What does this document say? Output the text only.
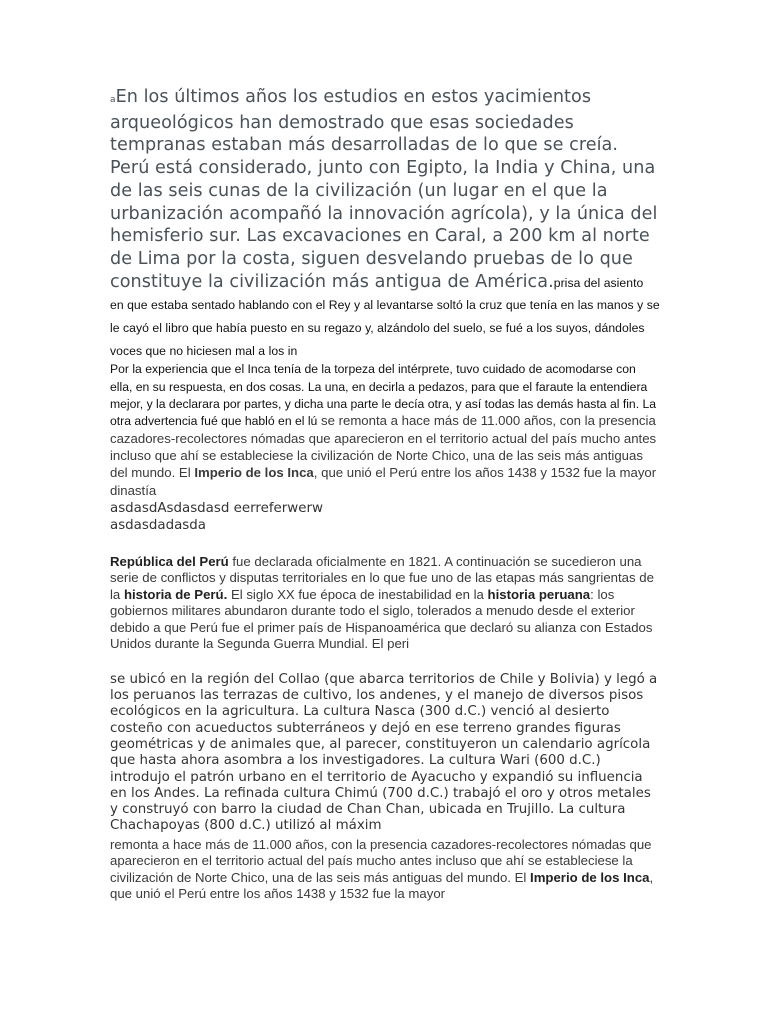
aEn los últimos años los estudios en estos yacimientos arqueológicos han demostrado que esas sociedades tempranas estaban más desarrolladas de lo que se creía. Perú está considerado, junto con Egipto, la India y China, una de las seis cunas de la civilización (un lugar en el que la urbanización acompañó la innovación agrícola), y la única del hemisferio sur. Las excavaciones en Caral, a 200 km al norte de Lima por la costa, siguen desvelando pruebas de lo que constituye la civilización más antigua de América.prisa del asiento en que estaba sentado hablando con el Rey y al levantarse soltó la cruz que tenía en las manos y se le cayó el libro que había puesto en su regazo y, alzándolo del suelo, se fué a los suyos, dándoles voces que no hiciesen mal a los in

Por la experiencia que el Inca tenía de la torpeza del intérprete, tuvo cuidado de acomodarse con ella, en su respuesta, en dos cosas. La una, en decirla a pedazos, para que el faraute la entendiera mejor, y la declarara por partes, y dicha una parte le decía otra, y así todas las demás hasta al fin. La otra advertencia fué que habló en el lú se remonta a hace más de 11.000 años, con la presencia cazadores-recolectores nómadas que aparecieron en el territorio actual del país mucho antes incluso que ahí se estableciese la civilización de Norte Chico, una de las seis más antiguas del mundo. El Imperio de los Inca, que unió el Perú entre los años 1438 y 1532 fue la mayor dinastía

asdasdAsdasdasd eerreferwerw

asdasdadasda

República del Perú fue declarada oficialmente en 1821. A continuación se sucedieron una serie de conflictos y disputas territoriales en lo que fue uno de las etapas más sangrientas de la historia de Perú. El siglo XX fue época de inestabilidad en la historia peruana: los gobiernos militares abundaron durante todo el siglo, tolerados a menudo desde el exterior debido a que Perú fue el primer país de Hispanoamérica que declaró su alianza con Estados Unidos durante la Segunda Guerra Mundial. El peri

se ubicó en la región del Collao (que abarca territorios de Chile y Bolivia) y legó a los peruanos las terrazas de cultivo, los andenes, y el manejo de diversos pisos ecológicos en la agricultura. La cultura Nasca (300 d.C.) venció al desierto costeño con acueductos subterráneos y dejó en ese terreno grandes figuras geométricas y de animales que, al parecer, constituyeron un calendario agrícola que hasta ahora asombra a los investigadores. La cultura Wari (600 d.C.) introdujo el patrón urbano en el territorio de Ayacucho y expandió su influencia en los Andes. La refinada cultura Chimú (700 d.C.) trabajó el oro y otros metales y construyó con barro la ciudad de Chan Chan, ubicada en Trujillo. La cultura Chachapoyas (800 d.C.) utilizó al máxim

remonta a hace más de 11.000 años, con la presencia cazadores-recolectores nómadas que aparecieron en el territorio actual del país mucho antes incluso que ahí se estableciese la civilización de Norte Chico, una de las seis más antiguas del mundo. El Imperio de los Inca, que unió el Perú entre los años 1438 y 1532 fue la mayor
